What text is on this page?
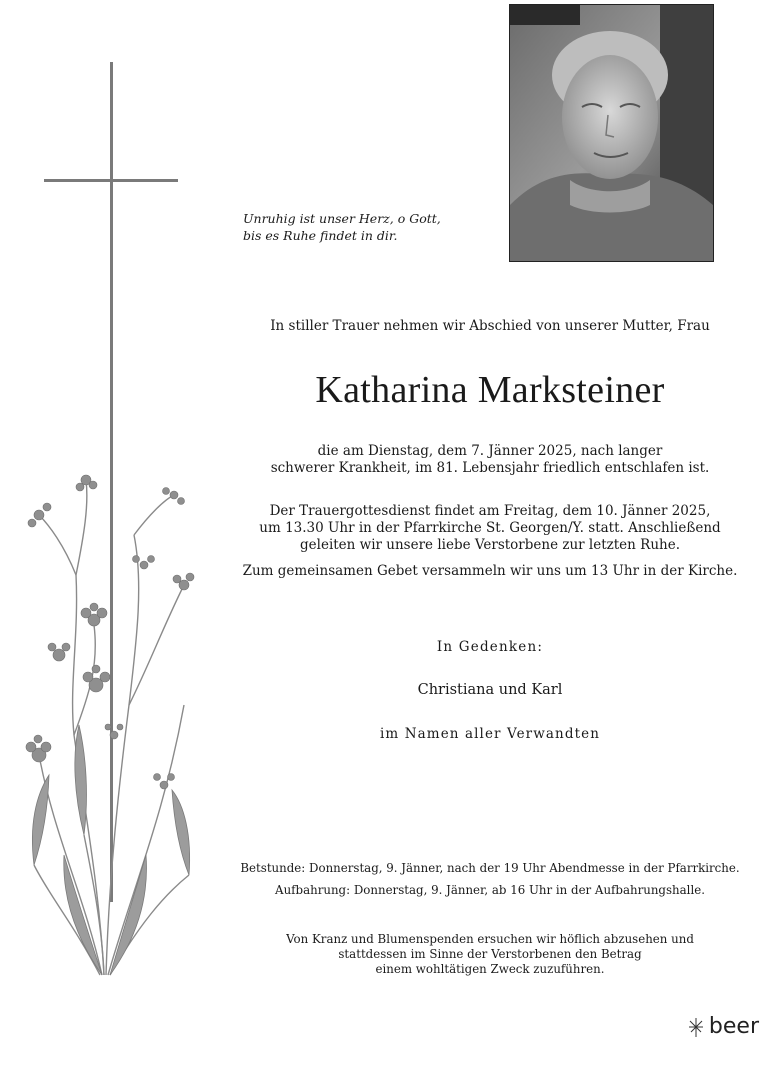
Unruhig ist unser Herz, o Gott,
bis es Ruhe findet in dir.
In stiller Trauer nehmen wir Abschied von unserer Mutter, Frau
Katharina Marksteiner
die am Dienstag, dem 7. Jänner 2025, nach langer
schwerer Krankheit, im 81. Lebensjahr friedlich entschlafen ist.
Der Trauergottesdienst findet am Freitag, dem 10. Jänner 2025,
um 13.30 Uhr in der Pfarrkirche St. Georgen/Y. statt. Anschließend
geleiten wir unsere liebe Verstorbene zur letzten Ruhe.
Zum gemeinsamen Gebet versammeln wir uns um 13 Uhr in der Kirche.
In Gedenken:
Christiana und Karl
im Namen aller Verwandten
Betstunde: Donnerstag, 9. Jänner, nach der 19 Uhr Abendmesse in der Pfarrkirche.
Aufbahrung: Donnerstag, 9. Jänner, ab 16 Uhr in der Aufbahrungshalle.
Von Kranz und Blumenspenden ersuchen wir höflich abzusehen und
stattdessen im Sinne der Verstorbenen den Betrag
einem wohltätigen Zweck zuzuführen.
beer
